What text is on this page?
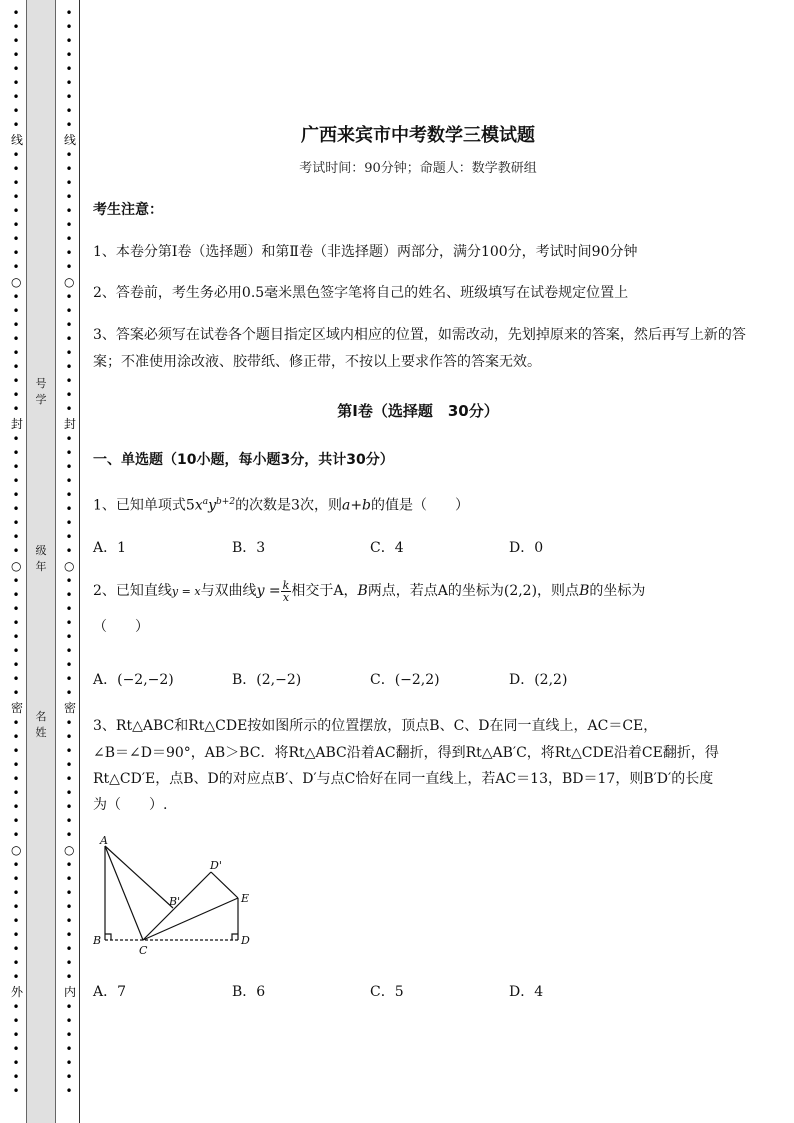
•
•
•
•
•
•
•
•
•
线
•
•
•
•
•
•
•
•
•
○
•
•
•
•
•
•
•
•
•
封
•
•
•
•
•
•
•
•
•
○
•
•
•
•
•
•
•
•
•
密
•
•
•
•
•
•
•
•
•
○
•
•
•
•
•
•
•
•
•
外
•
•
•
•
•
•
•
•
•
•
•
•
•
•
•
•
线
•
•
•
•
•
•
•
•
•
○
•
•
•
•
•
•
•
•
•
封
•
•
•
•
•
•
•
•
•
○
•
•
•
•
•
•
•
•
•
密
•
•
•
•
•
•
•
•
•
○
•
•
•
•
•
•
•
•
•
内
•
•
•
•
•
•
•
号学
级年
名姓
广西来宾市中考数学三模试题
考试时间：90分钟；命题人：数学教研组
考生注意：
1、本卷分第Ⅰ卷（选择题）和第Ⅱ卷（非选择题）两部分，满分100分，考试时间90分钟
2、答卷前，考生务必用0.5毫米黑色签字笔将自己的姓名、班级填写在试卷规定位置上
3、答案必须写在试卷各个题目指定区域内相应的位置，如需改动，先划掉原来的答案，然后再写上新的答案；不准使用涂改液、胶带纸、修正带，不按以上要求作答的答案无效。
第Ⅰ卷（选择题　30分）
一、单选题（10小题，每小题3分，共计30分）
1、已知单项式$5x^ay^{b+2}$的次数是3次，则a+b的值是（　　）
A．1	B．3	C．4	D．0
2、已知直线y = x与双曲线$y = \frac{k}{x}$ 相交于A，B两点，若点A的坐标为(2,2)，则点B的坐标为
（　　）
A．(−2,−2)	B．(2,−2)	C．(−2,2)	D．(2,2)
3、Rt△ABC和Rt△CDE按如图所示的位置摆放，顶点B、C、D在同一直线上，AC＝CE，
∠B＝∠D＝90°，AB＞BC．将Rt△ABC沿着AC翻折，得到Rt△AB′C，将Rt△CDE沿着CE翻折，得
Rt△CD′E，点B、D的对应点B′、D′与点C恰好在同一直线上，若AC＝13，BD＝17，则B′D′的长度
为（　　）.
A
B'
D'
E
B
C
D
A．7	B．6	C．5	D．4
